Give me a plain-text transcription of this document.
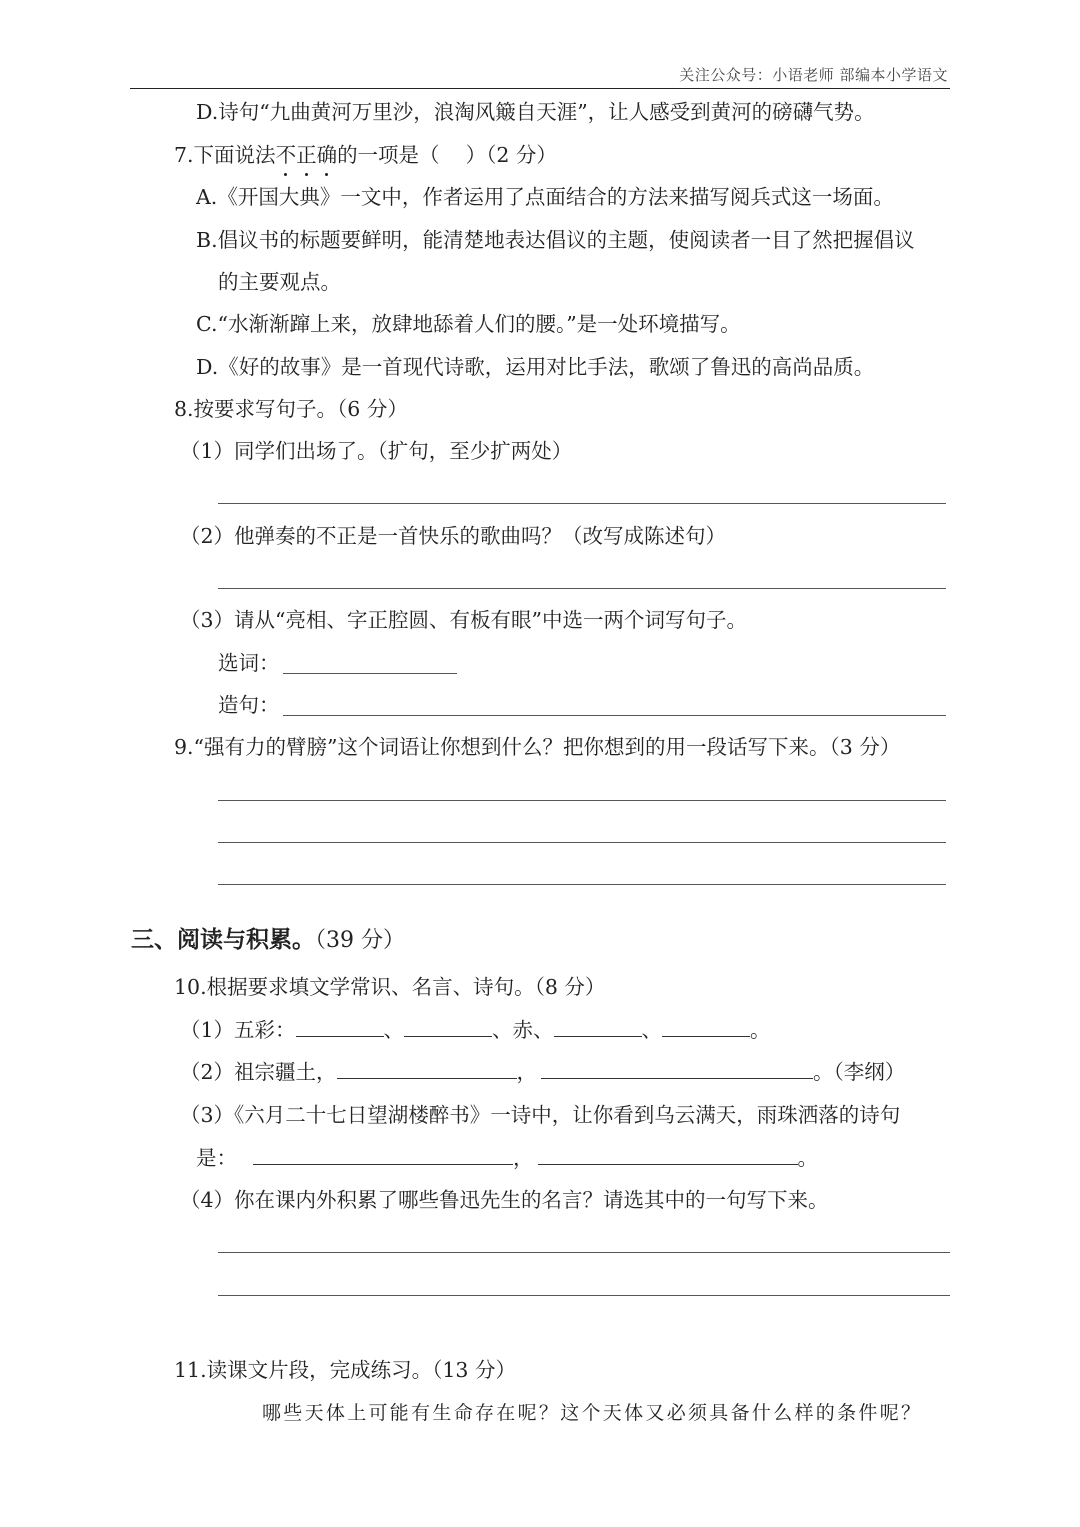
关注公众号：小语老师 部编本小学语文
D.诗句“九曲黄河万里沙，浪淘风簸自天涯”，让人感受到黄河的磅礴气势。
7.下面说法不正确的一项是（    ）（2 分）
A.《开国大典》一文中，作者运用了点面结合的方法来描写阅兵式这一场面。
B.倡议书的标题要鲜明，能清楚地表达倡议的主题，使阅读者一目了然把握倡议
的主要观点。
C.“水渐渐蹿上来，放肆地舔着人们的腰。”是一处环境描写。
D.《好的故事》是一首现代诗歌，运用对比手法，歌颂了鲁迅的高尚品质。
8.按要求写句子。（6 分）
（1）同学们出场了。（扩句，至少扩两处）
（2）他弹奏的不正是一首快乐的歌曲吗？（改写成陈述句）
（3）请从“亮相、字正腔圆、有板有眼”中选一两个词写句子。
选词：
造句：
9.“强有力的臂膀”这个词语让你想到什么？把你想到的用一段话写下来。（3 分）
三、阅读与积累。（39 分）
10.根据要求填文学常识、名言、诗句。（8 分）
（1）五彩：	、	、赤、	、	。
（2）祖宗疆土，	，	。（李纲）
（3）《六月二十七日望湖楼醉书》一诗中，让你看到乌云满天，雨珠洒落的诗句
是：	，	。
（4）你在课内外积累了哪些鲁迅先生的名言？请选其中的一句写下来。
11.读课文片段，完成练习。（13 分）
哪些天体上可能有生命存在呢？这个天体又必须具备什么样的条件呢？
